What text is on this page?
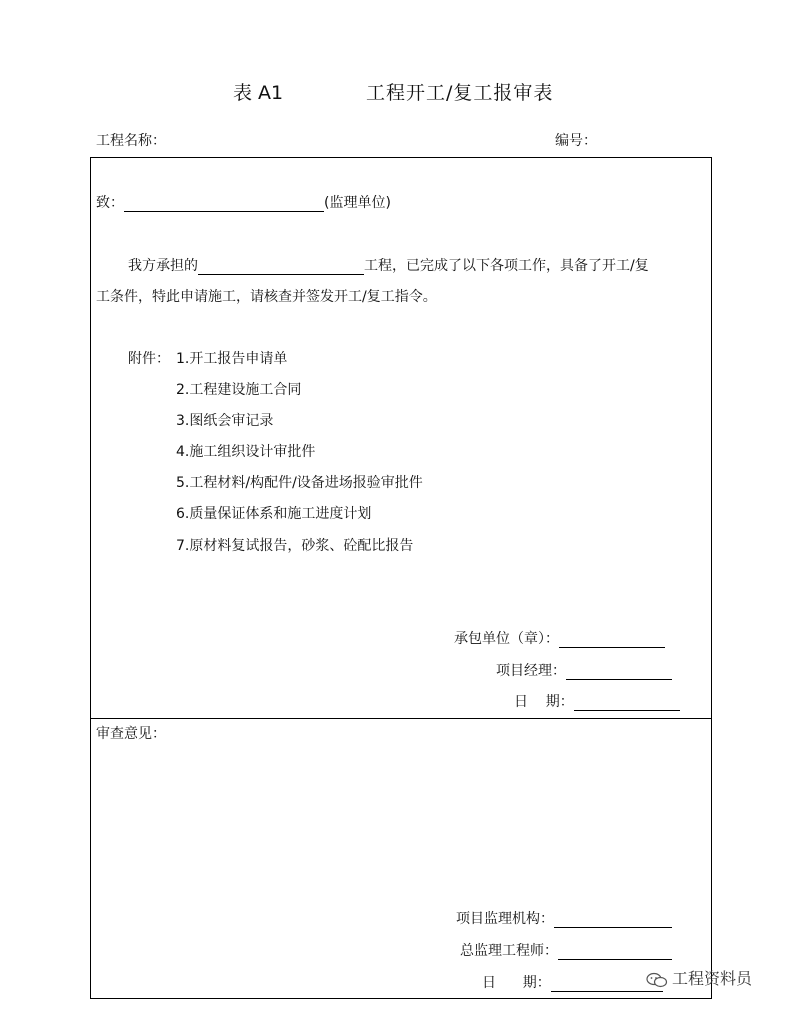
表 A1	工程开工/复工报审表
工程名称：	编号：
致：	(监理单位)
我方承担的	工程，已完成了以下各项工作，具备了开工/复
工条件，特此申请施工，请核查并签发开工/复工指令。
附件： 1.开工报告申请单
2.工程建设施工合同
3.图纸会审记录
4.施工组织设计审批件
5.工程材料/构配件/设备进场报验审批件
6.质量保证体系和施工进度计划
7.原材料复试报告，砂浆、砼配比报告
承包单位（章）：
项目经理：
日    期：
审查意见：
项目监理机构：
总监理工程师：
日      期：	工程资料员
